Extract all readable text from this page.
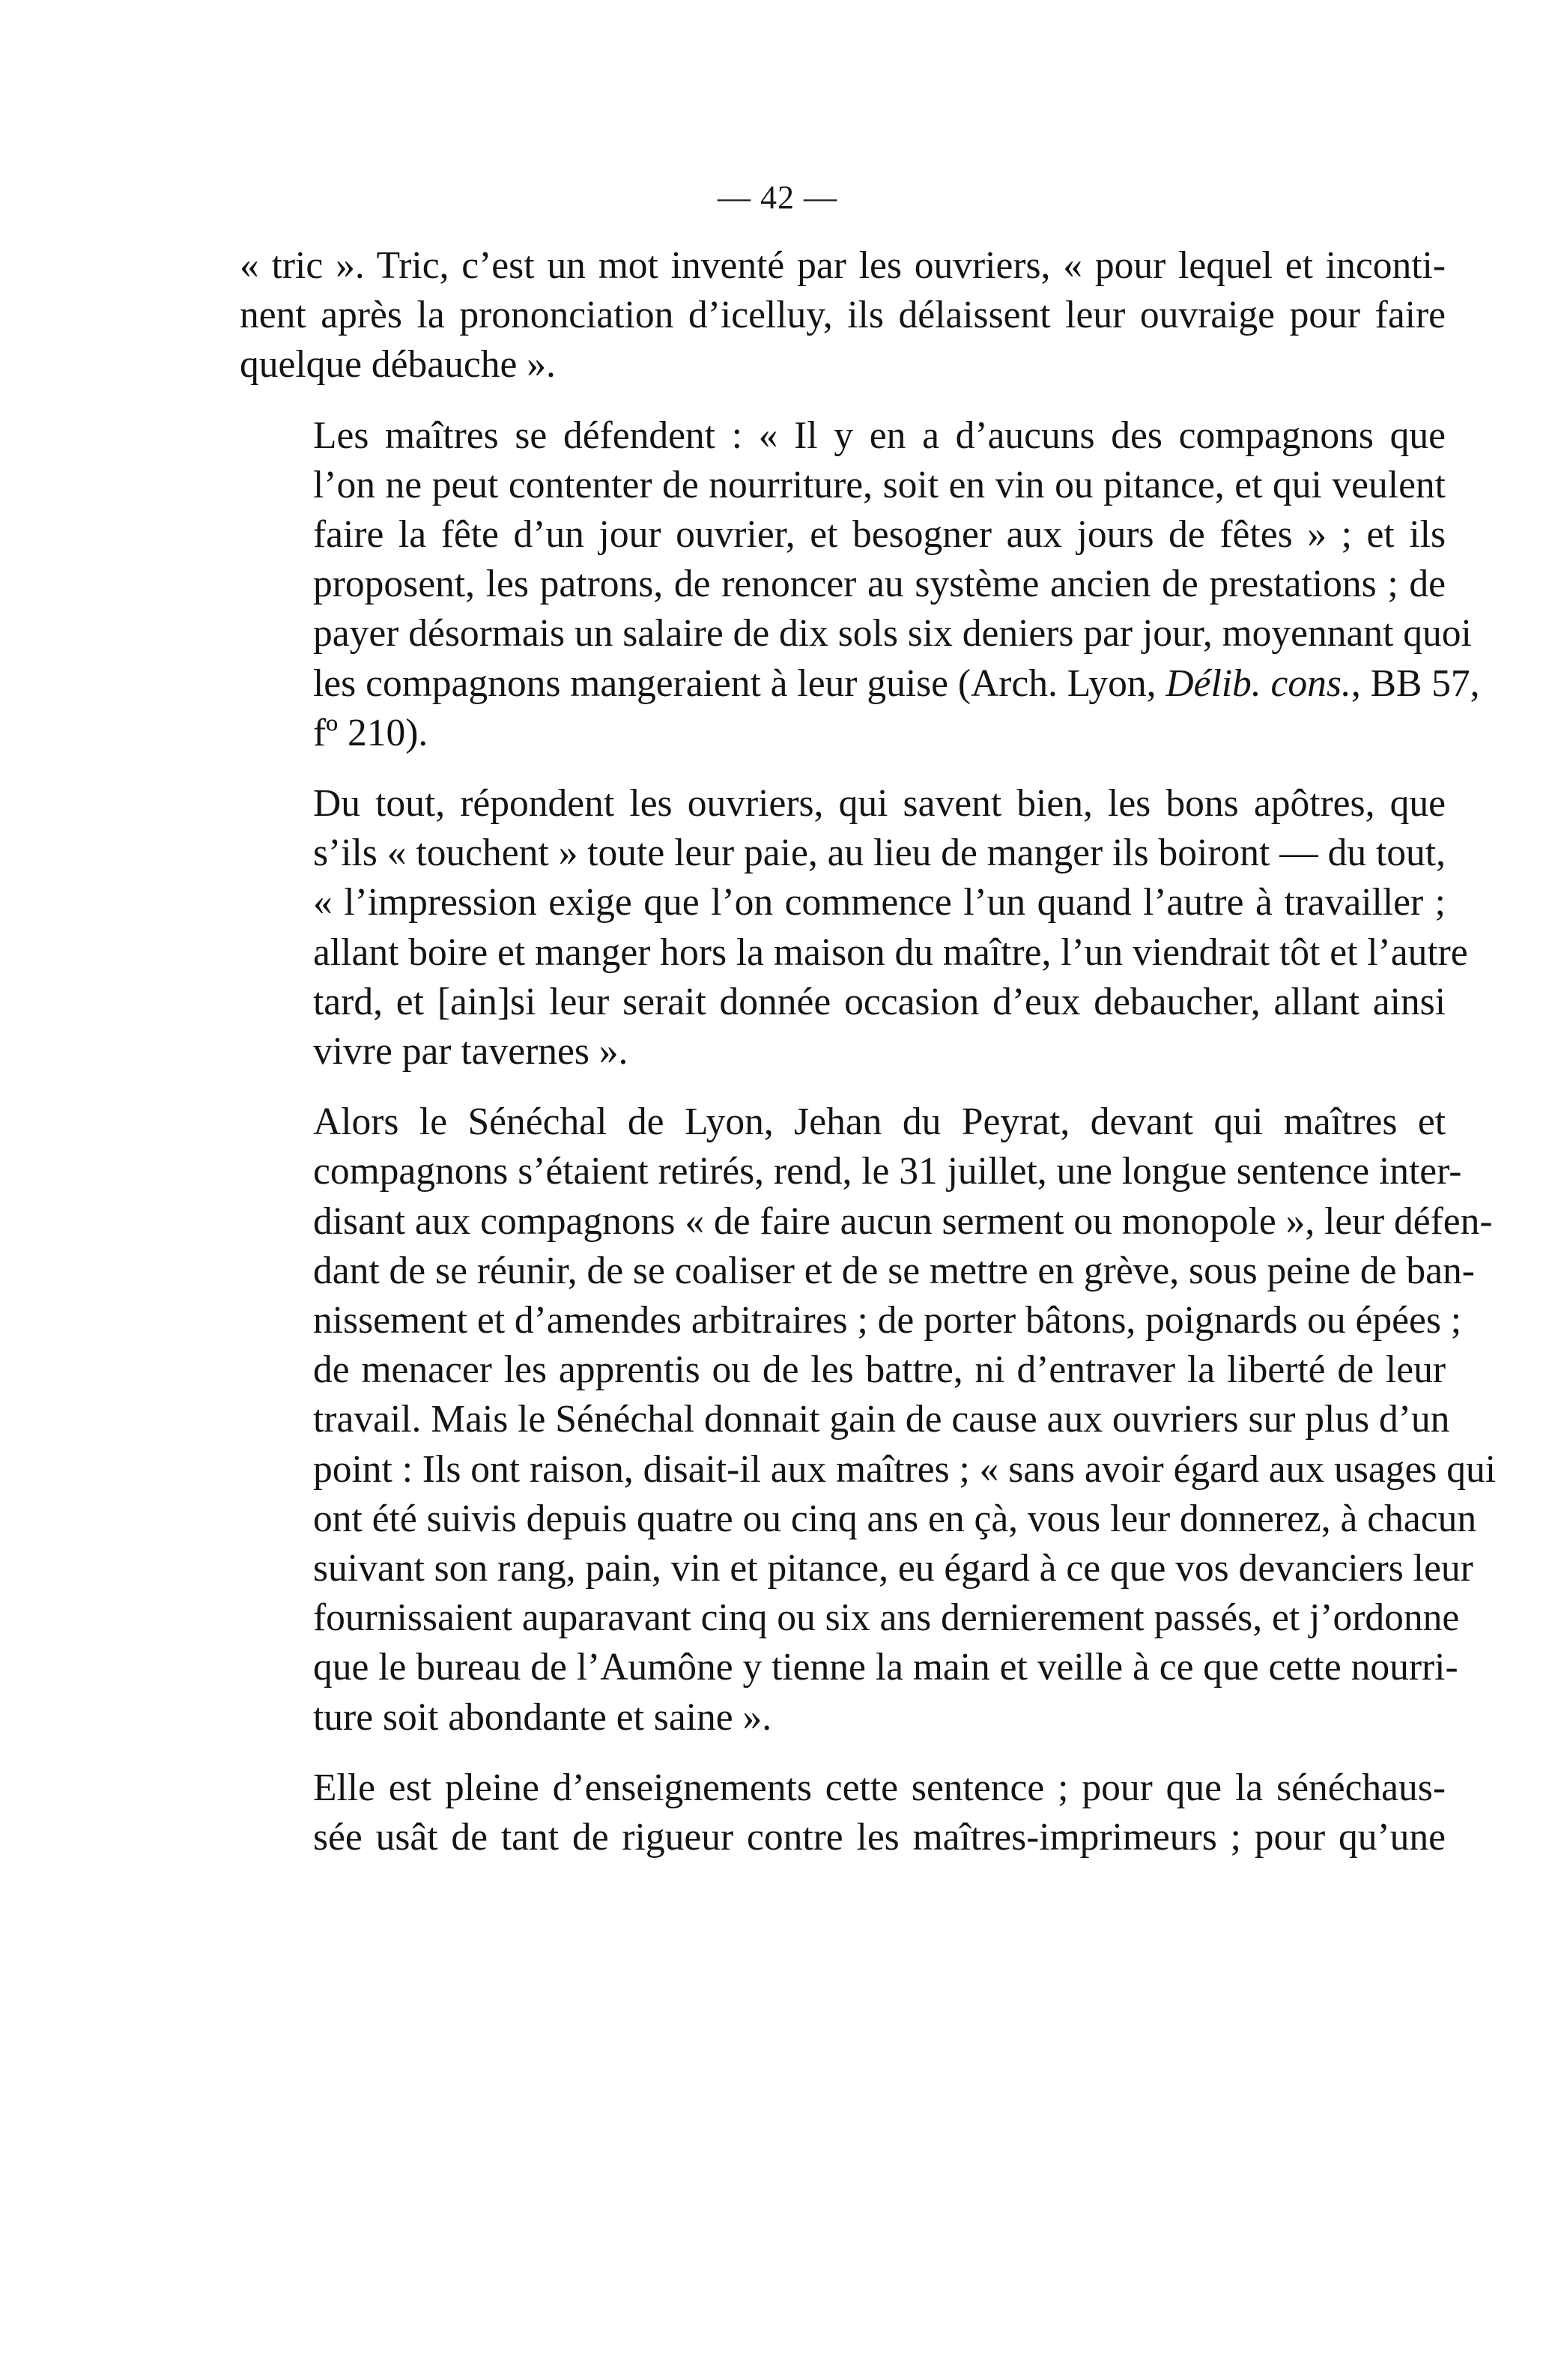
— 42 —

« tric ». Tric, c’est un mot inventé par les ouvriers, « pour lequel et inconti-
nent après la prononciation d’icelluy, ils délaissent leur ouvraige pour faire
quelque débauche ».

Les maîtres se défendent : « Il y en a d’aucuns des compagnons que
l’on ne peut contenter de nourriture, soit en vin ou pitance, et qui veulent
faire la fête d’un jour ouvrier, et besogner aux jours de fêtes » ; et ils
proposent, les patrons, de renoncer au système ancien de prestations ; de
payer désormais un salaire de dix sols six deniers par jour, moyennant quoi
les compagnons mangeraient à leur guise (Arch. Lyon, Délib. cons., BB 57,
fº 210).

Du tout, répondent les ouvriers, qui savent bien, les bons apôtres, que
s’ils « touchent » toute leur paie, au lieu de manger ils boiront — du tout,
« l’impression exige que l’on commence l’un quand l’autre à travailler ;
allant boire et manger hors la maison du maître, l’un viendrait tôt et l’autre
tard, et [ain]si leur serait donnée occasion d’eux debaucher, allant ainsi
vivre par tavernes ».

Alors le Sénéchal de Lyon, Jehan du Peyrat, devant qui maîtres et
compagnons s’étaient retirés, rend, le 31 juillet, une longue sentence inter-
disant aux compagnons « de faire aucun serment ou monopole », leur défen-
dant de se réunir, de se coaliser et de se mettre en grève, sous peine de ban-
nissement et d’amendes arbitraires ; de porter bâtons, poignards ou épées ;
de menacer les apprentis ou de les battre, ni d’entraver la liberté de leur
travail. Mais le Sénéchal donnait gain de cause aux ouvriers sur plus d’un
point : Ils ont raison, disait-il aux maîtres ; « sans avoir égard aux usages qui
ont été suivis depuis quatre ou cinq ans en çà, vous leur donnerez, à chacun
suivant son rang, pain, vin et pitance, eu égard à ce que vos devanciers leur
fournissaient auparavant cinq ou six ans dernierement passés, et j’ordonne
que le bureau de l’Aumône y tienne la main et veille à ce que cette nourri-
ture soit abondante et saine ».

Elle est pleine d’enseignements cette sentence ; pour que la sénéchaus-
sée usât de tant de rigueur contre les maîtres-imprimeurs ; pour qu’une
